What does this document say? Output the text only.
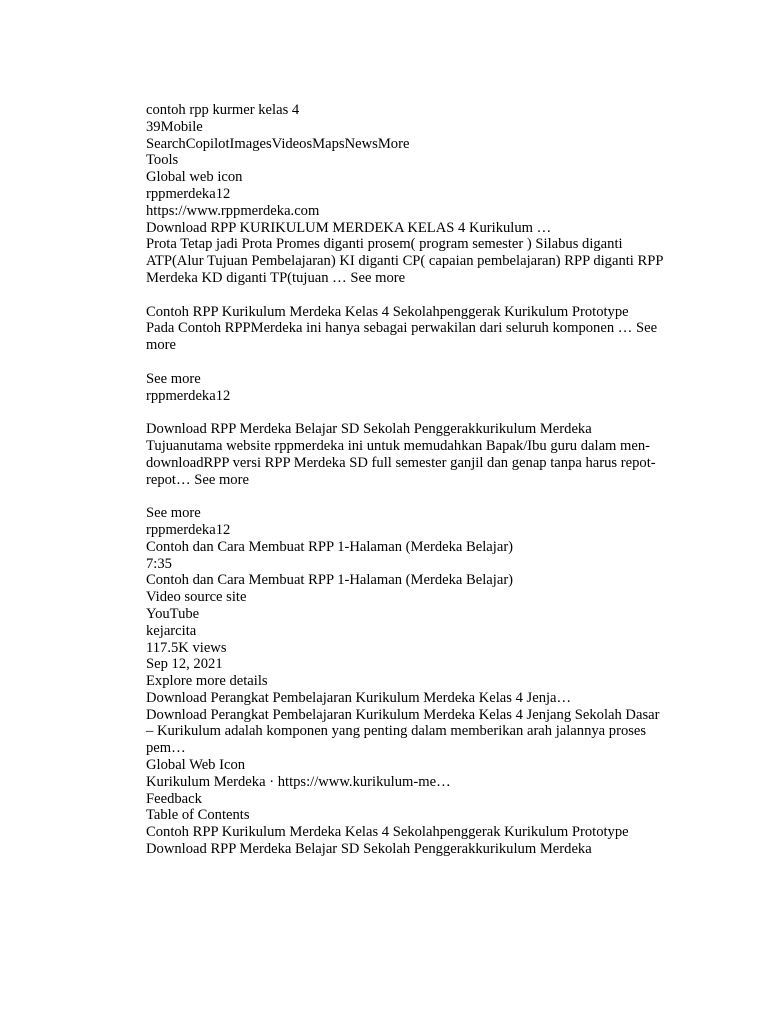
contoh rpp kurmer kelas 4
39Mobile
SearchCopilotImagesVideosMapsNewsMore
Tools
Global web icon
rppmerdeka12
https://www.rppmerdeka.com
Download RPP KURIKULUM MERDEKA KELAS 4 Kurikulum …
Prota Tetap jadi Prota Promes diganti prosem( program semester ) Silabus diganti ATP(Alur Tujuan Pembelajaran) KI diganti CP( capaian pembelajaran) RPP diganti RPP Merdeka KD diganti TP(tujuan … See more
Contoh RPP Kurikulum Merdeka Kelas 4 Sekolahpenggerak Kurikulum Prototype
Pada Contoh RPPMerdeka ini hanya sebagai perwakilan dari seluruh komponen … See more
See more
rppmerdeka12
Download RPP Merdeka Belajar SD Sekolah Penggerakkurikulum Merdeka
Tujuanutama website rppmerdeka ini untuk memudahkan Bapak/Ibu guru dalam men- downloadRPP versi RPP Merdeka SD full semester ganjil dan genap tanpa harus repot-repot… See more
See more
rppmerdeka12
Contoh dan Cara Membuat RPP 1-Halaman (Merdeka Belajar)
7:35
Contoh dan Cara Membuat RPP 1-Halaman (Merdeka Belajar)
Video source site
YouTube
kejarcita
117.5K views
Sep 12, 2021
Explore more details
Download Perangkat Pembelajaran Kurikulum Merdeka Kelas 4 Jenja…
Download Perangkat Pembelajaran Kurikulum Merdeka Kelas 4 Jenjang Sekolah Dasar – Kurikulum adalah komponen yang penting dalam memberikan arah jalannya proses pem…
Global Web Icon
Kurikulum Merdeka · https://www.kurikulum-me…
Feedback
Table of Contents
Contoh RPP Kurikulum Merdeka Kelas 4 Sekolahpenggerak Kurikulum Prototype
Download RPP Merdeka Belajar SD Sekolah Penggerakkurikulum Merdeka
